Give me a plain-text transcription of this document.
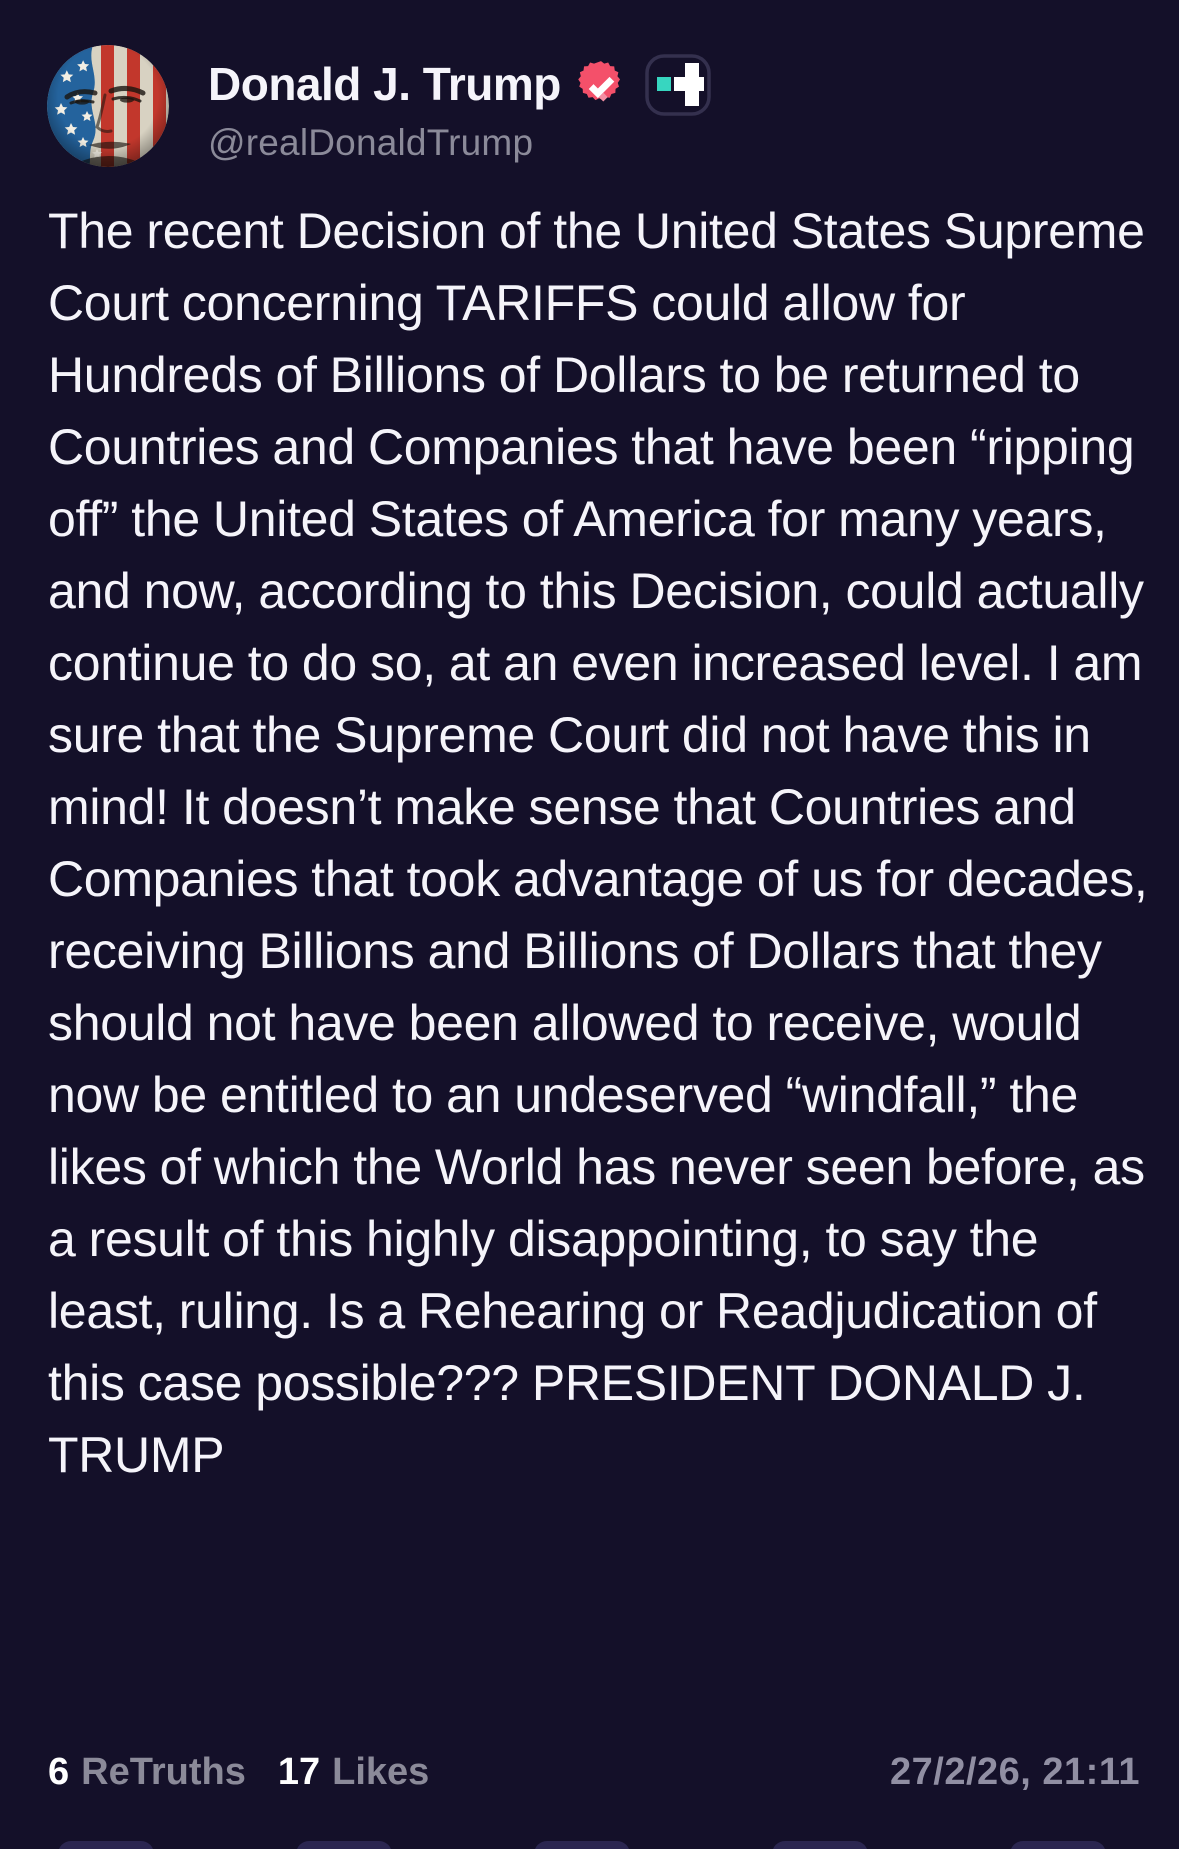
Donald J. Trump
@realDonaldTrump

The recent Decision of the United States Supreme Court concerning TARIFFS could allow for Hundreds of Billions of Dollars to be returned to Countries and Companies that have been “ripping off” the United States of America for many years, and now, according to this Decision, could actually continue to do so, at an even increased level. I am sure that the Supreme Court did not have this in mind! It doesn’t make sense that Countries and Companies that took advantage of us for decades, receiving Billions and Billions of Dollars that they should not have been allowed to receive, would now be entitled to an undeserved “windfall,” the likes of which the World has never seen before, as a result of this highly disappointing, to say the least, ruling. Is a Rehearing or Readjudication of this case possible??? PRESIDENT DONALD J. TRUMP

6 ReTruths 17 Likes	27/2/26, 21:11
